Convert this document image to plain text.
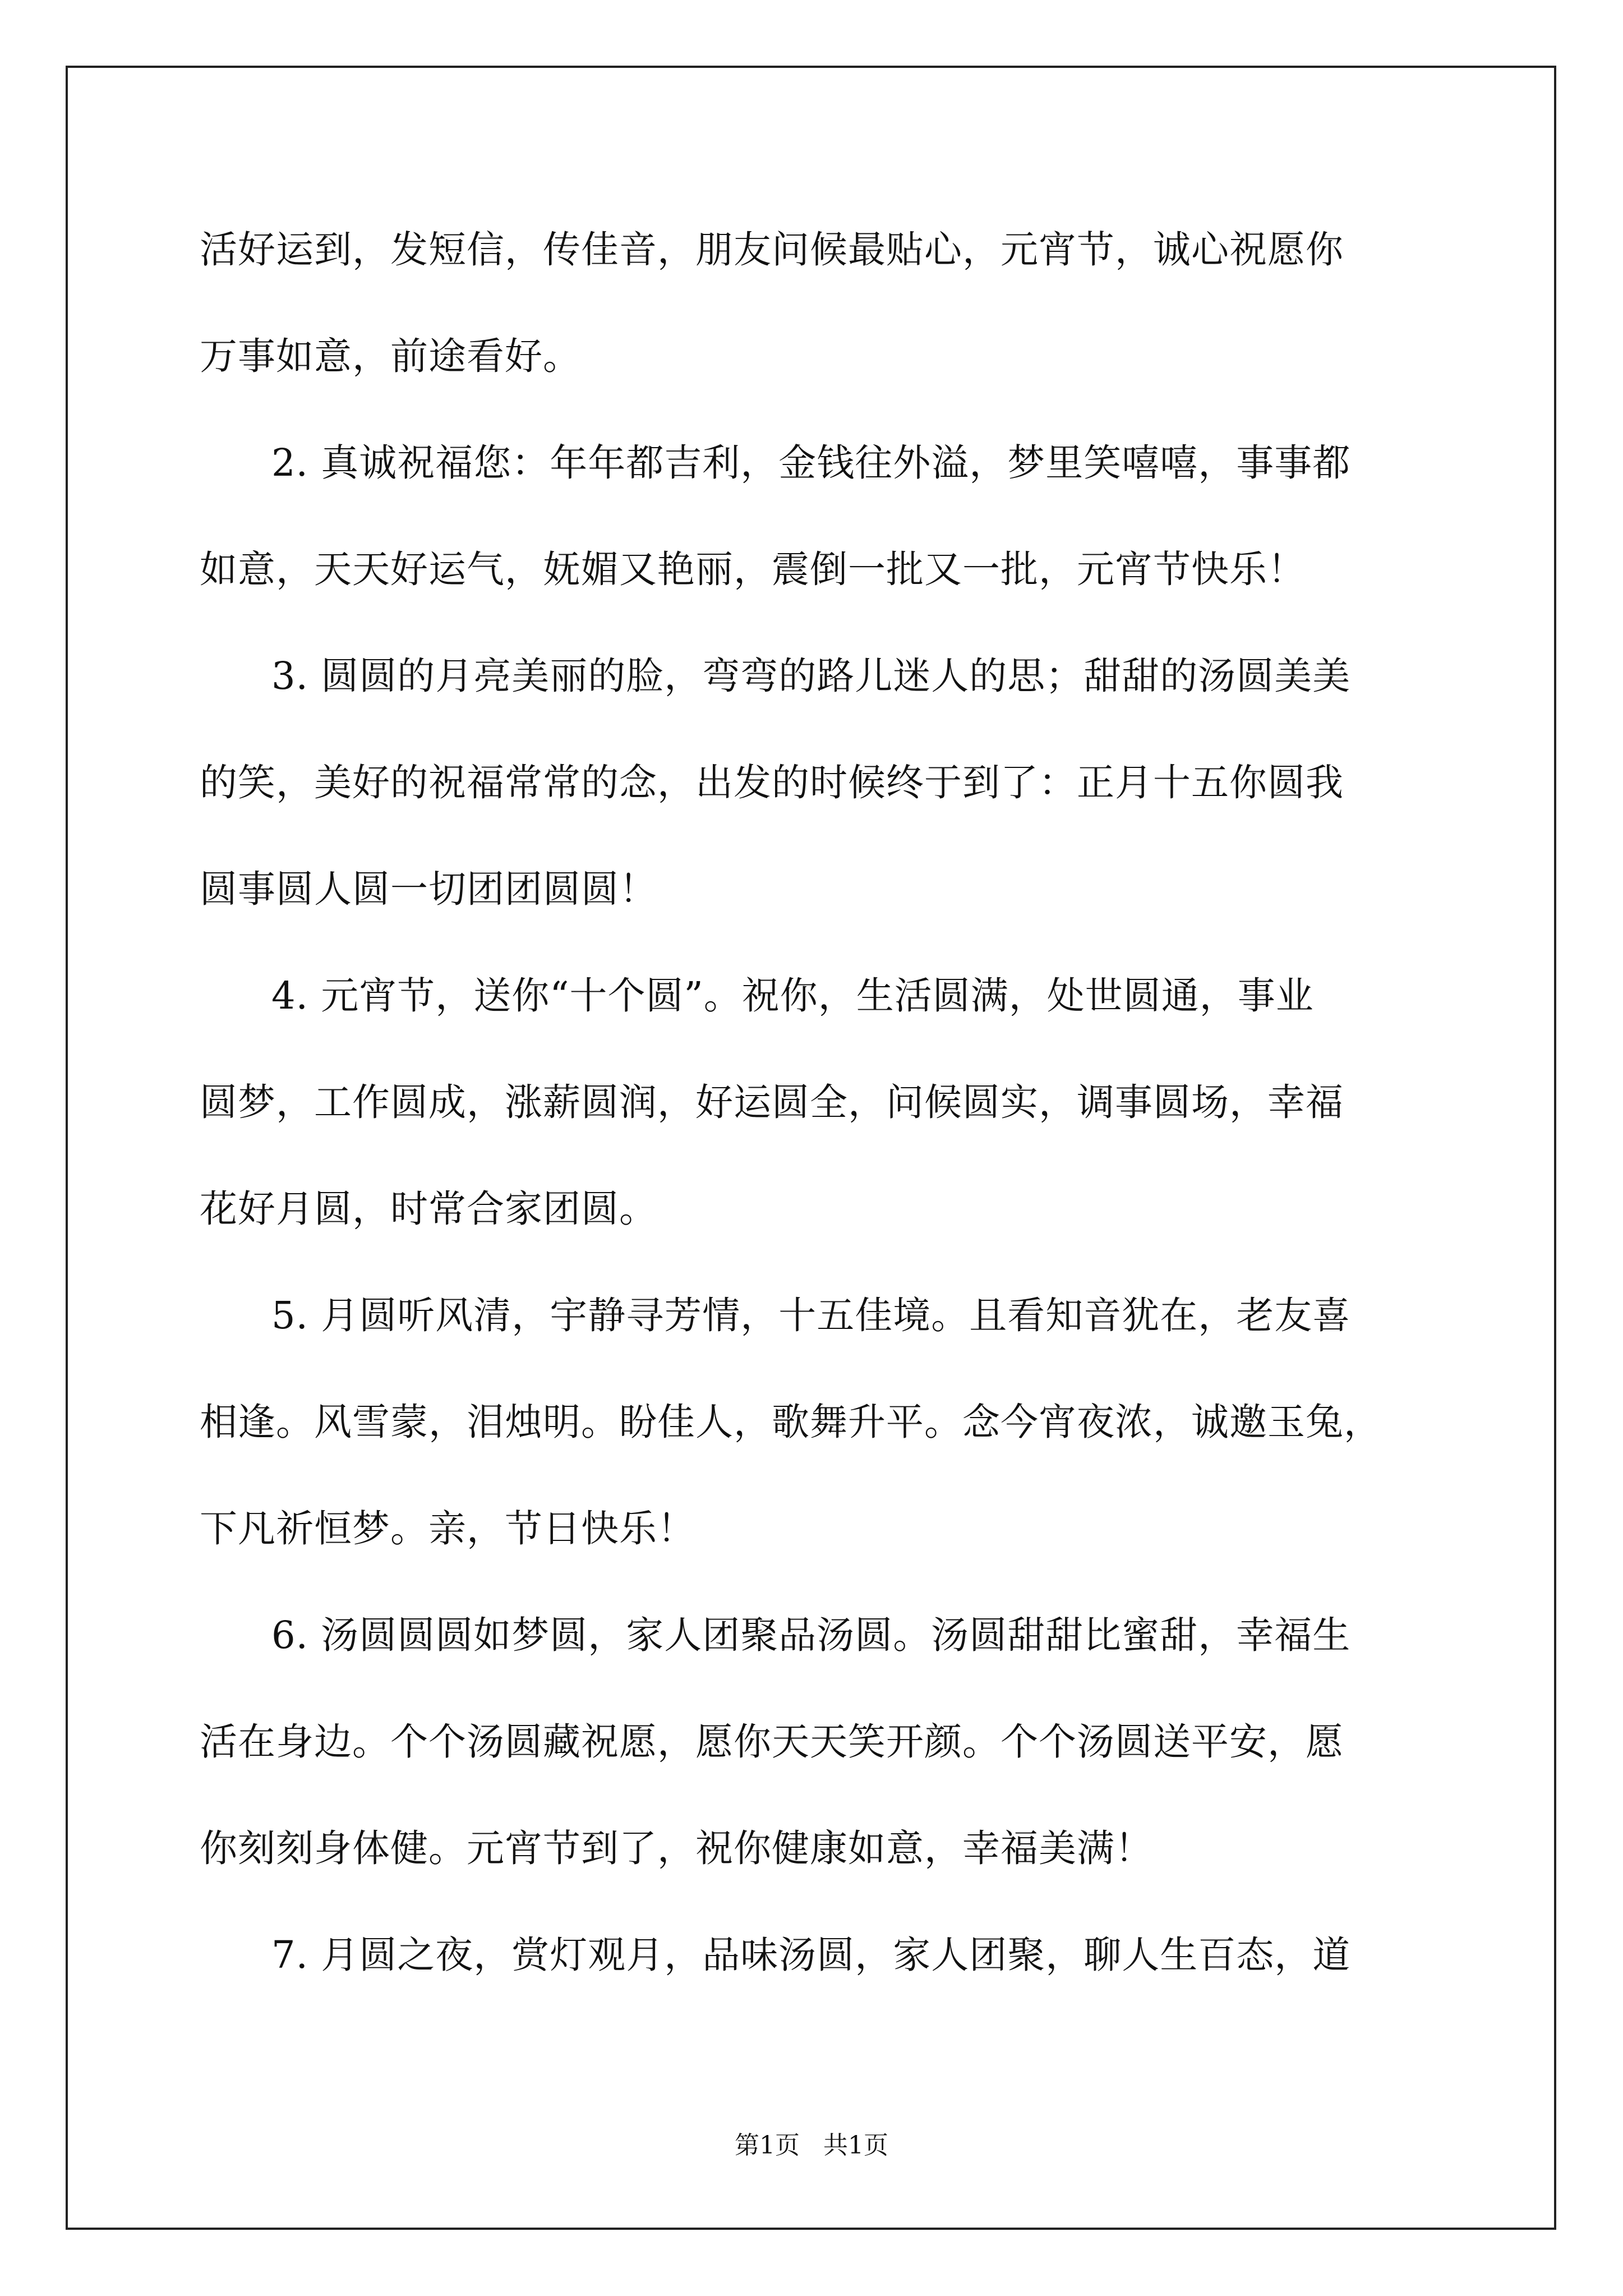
活好运到，发短信，传佳音，朋友问候最贴心，元宵节，诚心祝愿你
万事如意，前途看好。
2. 真诚祝福您：年年都吉利，金钱往外溢，梦里笑嘻嘻，事事都
如意，天天好运气，妩媚又艳丽，震倒一批又一批，元宵节快乐！
3. 圆圆的月亮美丽的脸，弯弯的路儿迷人的思；甜甜的汤圆美美
的笑，美好的祝福常常的念，出发的时候终于到了：正月十五你圆我
圆事圆人圆一切团团圆圆！
4. 元宵节，送你“十个圆”。祝你，生活圆满，处世圆通，事业
圆梦，工作圆成，涨薪圆润，好运圆全，问候圆实，调事圆场，幸福
花好月圆，时常合家团圆。
5. 月圆听风清，宇静寻芳情，十五佳境。且看知音犹在，老友喜
相逢。风雪蒙，泪烛明。盼佳人，歌舞升平。念今宵夜浓，诚邀玉兔，
下凡祈恒梦。亲，节日快乐！
6. 汤圆圆圆如梦圆，家人团聚品汤圆。汤圆甜甜比蜜甜，幸福生
活在身边。个个汤圆藏祝愿，愿你天天笑开颜。个个汤圆送平安，愿
你刻刻身体健。元宵节到了，祝你健康如意，幸福美满！
7. 月圆之夜，赏灯观月，品味汤圆，家人团聚，聊人生百态，道
第1页   共1页
